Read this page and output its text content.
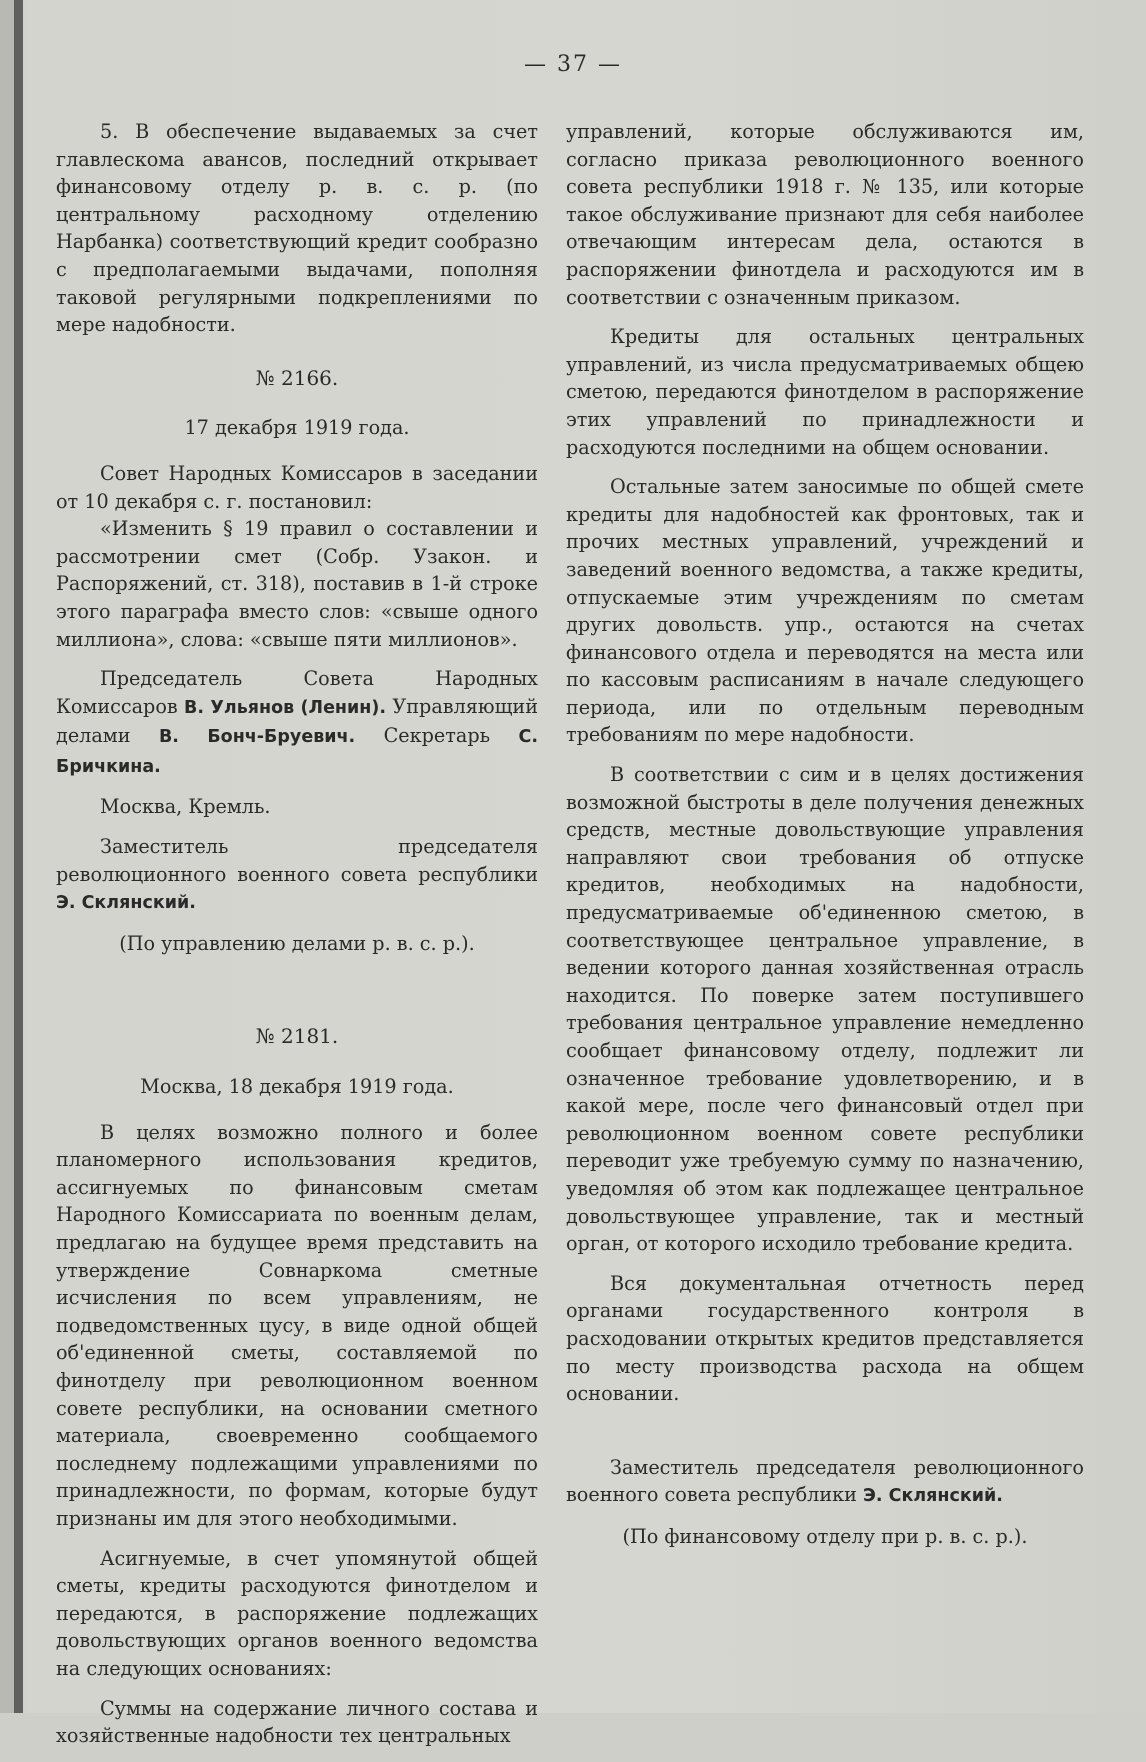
— 37 —

5. В обеспечение выдаваемых за счет главлескома авансов, последний открывает финансовому отделу р. в. с. р. (по центральному расходному отделению Нарбанка) соответствующий кредит сообразно с предполагаемыми выдачами, пополняя таковой регулярными подкреплениями по мере надобности.

№ 2166.
17 декабря 1919 года.

Совет Народных Комиссаров в заседании от 10 декабря с. г. постановил:

«Изменить § 19 правил о составлении и рассмотрении смет (Собр. Узакон. и Распоряжений, ст. 318), поставив в 1-й строке этого параграфа вместо слов: «свыше одного миллиона», слова: «свыше пяти миллионов».

Председатель Совета Народных Комиссаров В. Ульянов (Ленин). Управляющий делами В. Бонч-Бруевич. Секретарь С. Бричкина.

Москва, Кремль.

Заместитель председателя революционного военного совета республики Э. Склянский.

(По управлению делами р. в. с. р.).
№ 2181.
Москва, 18 декабря 1919 года.

В целях возможно полного и более планомерного использования кредитов, ассигнуемых по финансовым сметам Народного Комиссариата по военным делам, предлагаю на будущее время представить на утверждение Совнаркома сметные исчисления по всем управлениям, не подведомственных цусу, в виде одной общей об'единенной сметы, составляемой по финотделу при революционном военном совете республики, на основании сметного материала, своевременно сообщаемого последнему подлежащими управлениями по принадлежности, по формам, которые будут признаны им для этого необходимыми.

Асигнуемые, в счет упомянутой общей сметы, кредиты расходуются финотделом и передаются, в распоряжение подлежащих довольствующих органов военного ведомства на следующих основаниях:

Суммы на содержание личного состава и хозяйственные надобности тех центральных

управлений, которые обслуживаются им, согласно приказа революционного военного совета республики 1918 г. № 135, или которые такое обслуживание признают для себя наиболее отвечающим интересам дела, остаются в распоряжении финотдела и расходуются им в соответствии с означенным приказом.

Кредиты для остальных центральных управлений, из числа предусматриваемых общею сметою, передаются финотделом в распоряжение этих управлений по принадлежности и расходуются последними на общем основании.

Остальные затем заносимые по общей смете кредиты для надобностей как фронтовых, так и прочих местных управлений, учреждений и заведений военного ведомства, а также кредиты, отпускаемые этим учреждениям по сметам других довольств. упр., остаются на счетах финансового отдела и переводятся на места или по кассовым расписаниям в начале следующего периода, или по отдельным переводным требованиям по мере надобности.

В соответствии с сим и в целях достижения возможной быстроты в деле получения денежных средств, местные довольствующие управления направляют свои требования об отпуске кредитов, необходимых на надобности, предусматриваемые об'единенною сметою, в соответствующее центральное управление, в ведении которого данная хозяйственная отрасль находится. По поверке затем поступившего требования центральное управление немедленно сообщает финансовому отделу, подлежит ли означенное требование удовлетворению, и в какой мере, после чего финансовый отдел при революционном военном совете республики переводит уже требуемую сумму по назначению, уведомляя об этом как подлежащее центральное довольствующее управление, так и местный орган, от которого исходило требование кредита.

Вся документальная отчетность перед органами государственного контроля в расходовании открытых кредитов представляется по месту производства расхода на общем основании.

Заместитель председателя революционного военного совета республики Э. Склянский.

(По финансовому отделу при р. в. с. р.).
